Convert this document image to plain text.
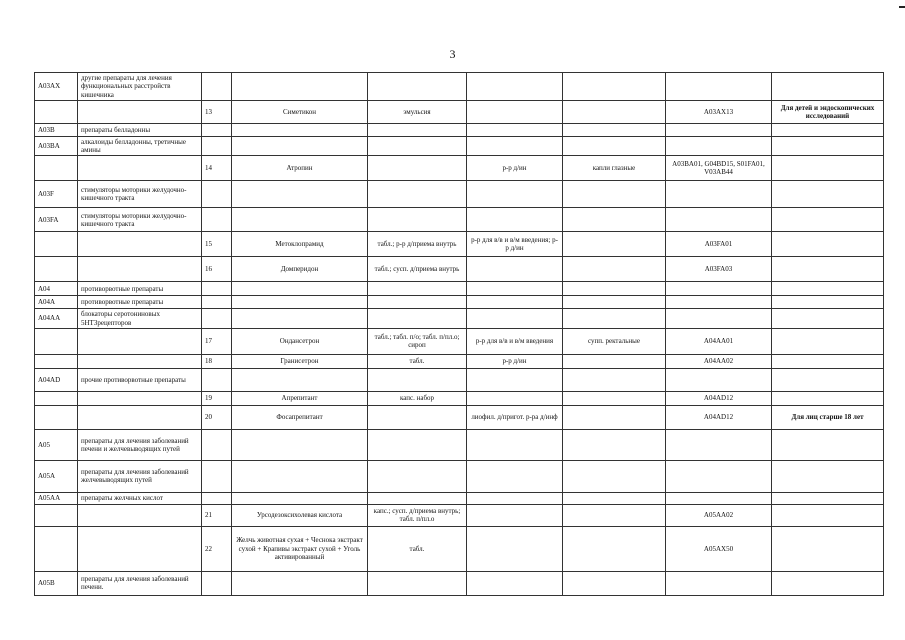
3
A03AX	другие препараты для лечения функциональных расстройств кишечника							
		13	Симетикон	эмульсия			A03AX13	Для детей и эндоскопических исследований
A03B	препараты белладонны							
A03BA	алкалоиды белладонны, третичные амины							
		14	Атропин		р-р д/ин	капли глазные	A03BA01, G04BD15, S01FA01, V03AB44	
A03F	стимуляторы моторики желудочно-кишечного тракта							
A03FA	стимуляторы моторики желудочно-кишечного тракта							
		15	Метоклопрамид	табл.; р-р д/приема внутрь	р-р для в/в и в/м введения; р-р д/ин		A03FA01	
		16	Домперидон	табл.; сусп. д/приема внутрь			A03FA03	
A04	противорвотные препараты							
A04A	противорвотные препараты							
A04AA	блокаторы серотониновых 5HT3рецепторов							
		17	Ондансетрон	табл.; табл. п/о; табл. п/пл.о; сироп	р-р для в/в и в/м введения	супп. ректальные	A04AA01	
		18	Гранисетрон	табл.	р-р д/ин		A04AA02	
A04AD	прочие противорвотные препараты							
		19	Апрепитант	капс. набор			A04AD12	
		20	Фосапрепитант		лиофил. д/пригот. р-ра д/инф		A04AD12	Для лиц старше 18 лет
A05	препараты для лечения заболеваний печени и желчевыводящих путей							
A05A	препараты для лечения заболеваний желчевыводящих путей							
A05AA	препараты желчных кислот							
		21	Урсодезоксихолевая кислота	капс.; сусп. д/приема внутрь; табл. п/пл.о			A05AA02	
		22	Желчь животная сухая + Чеснока экстракт сухой + Крапивы экстракт сухой + Уголь активированный	табл.			A05AX50	
A05B	препараты для лечения заболеваний печени.							
